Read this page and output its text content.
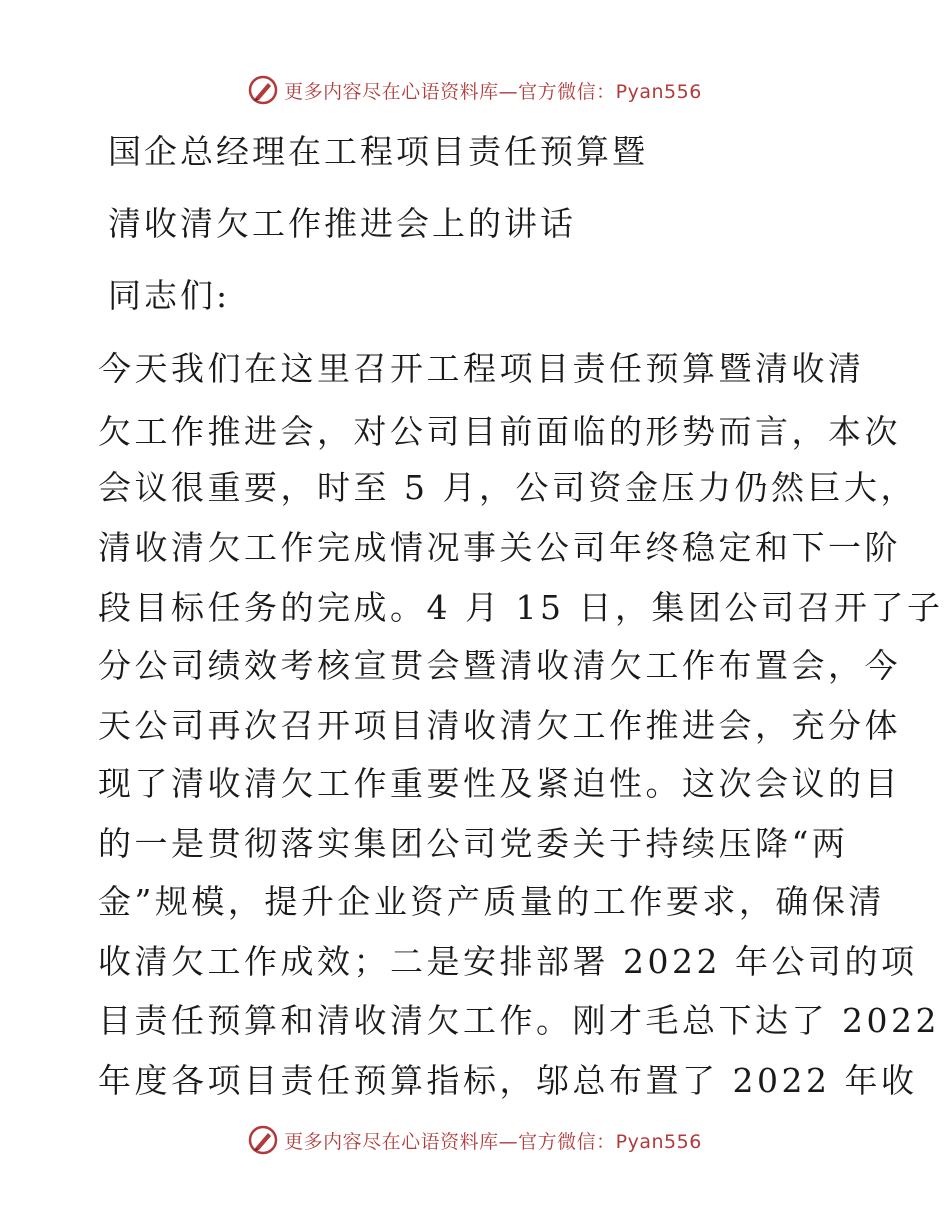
更多内容尽在心语资料库—官方微信：Pyan556
国企总经理在工程项目责任预算暨
清收清欠工作推进会上的讲话
同志们:
今天我们在这里召开工程项目责任预算暨清收清
欠工作推进会，对公司目前面临的形势而言，本次
会议很重要，时至 5 月，公司资金压力仍然巨大，
清收清欠工作完成情况事关公司年终稳定和下一阶
段目标任务的完成。4 月 15 日，集团公司召开了子
分公司绩效考核宣贯会暨清收清欠工作布置会，今
天公司再次召开项目清收清欠工作推进会，充分体
现了清收清欠工作重要性及紧迫性。这次会议的目
的一是贯彻落实集团公司党委关于持续压降“两
金”规模，提升企业资产质量的工作要求，确保清
收清欠工作成效；二是安排部署 2022 年公司的项
目责任预算和清收清欠工作。刚才毛总下达了 2022
年度各项目责任预算指标，邬总布置了 2022 年收
更多内容尽在心语资料库—官方微信：Pyan556
